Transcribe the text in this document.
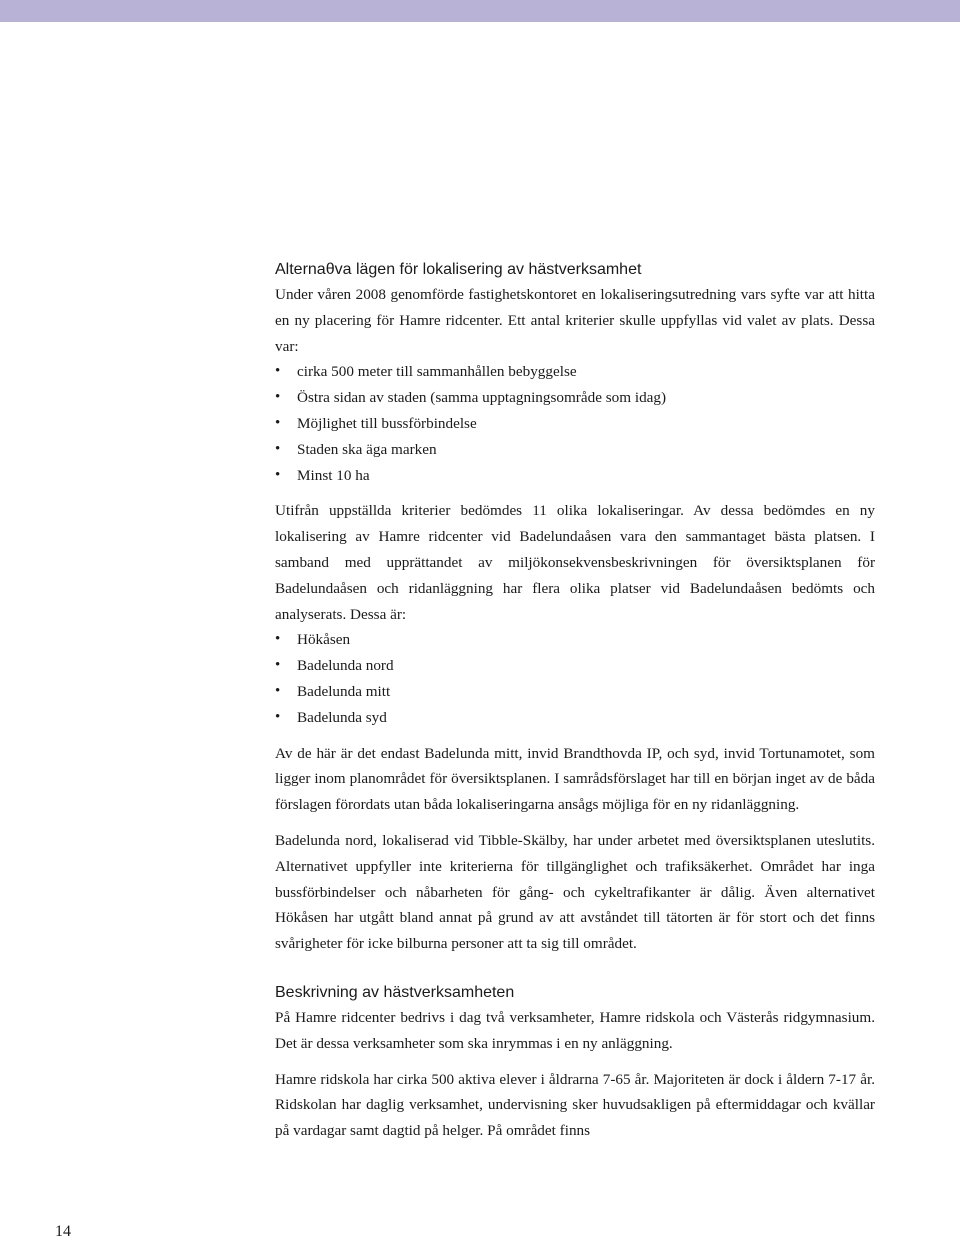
Alternaθva lägen för lokalisering av hästverksamhet

Under våren 2008 genomförde fastighetskontoret en lokaliseringsutredning vars syfte var att hitta en ny placering för Hamre ridcenter. Ett antal kriterier skulle uppfyllas vid valet av plats. Dessa var:

• cirka 500 meter till sammanhållen bebyggelse
• Östra sidan av staden (samma upptagningsområde som idag)
• Möjlighet till bussförbindelse
• Staden ska äga marken
• Minst 10 ha

Utifrån uppställda kriterier bedömdes 11 olika lokaliseringar. Av dessa bedömdes en ny lokalisering av Hamre ridcenter vid Badelundaåsen vara den sammantaget bästa platsen. I samband med upprättandet av miljökonsekvensbeskrivningen för översiktsplanen för Badelundaåsen och ridanläggning har flera olika platser vid Badelundaåsen bedömts och analyserats. Dessa är:

• Hökåsen
• Badelunda nord
• Badelunda mitt
• Badelunda syd

Av de här är det endast Badelunda mitt, invid Brandthovda IP, och syd, invid Tortunamotet, som ligger inom planområdet för översiktsplanen. I samrådsförslaget har till en början inget av de båda förslagen förordats utan båda lokaliseringarna ansågs möjliga för en ny ridanläggning.

Badelunda nord, lokaliserad vid Tibble-Skälby, har under arbetet med översiktsplanen uteslutits. Alternativet uppfyller inte kriterierna för tillgänglighet och trafiksäkerhet. Området har inga bussförbindelser och nåbarheten för gång- och cykeltrafikanter är dålig. Även alternativet Hökåsen har utgått bland annat på grund av att avståndet till tätorten är för stort och det finns svårigheter för icke bilburna personer att ta sig till området.

Beskrivning av hästverksamheten

På Hamre ridcenter bedrivs i dag två verksamheter, Hamre ridskola och Västerås ridgymnasium. Det är dessa verksamheter som ska inrymmas i en ny anläggning.

Hamre ridskola har cirka 500 aktiva elever i åldrarna 7-65 år. Majoriteten är dock i åldern 7-17 år. Ridskolan har daglig verksamhet, undervisning sker huvudsakligen på eftermiddagar och kvällar på vardagar samt dagtid på helger. På området finns

14
